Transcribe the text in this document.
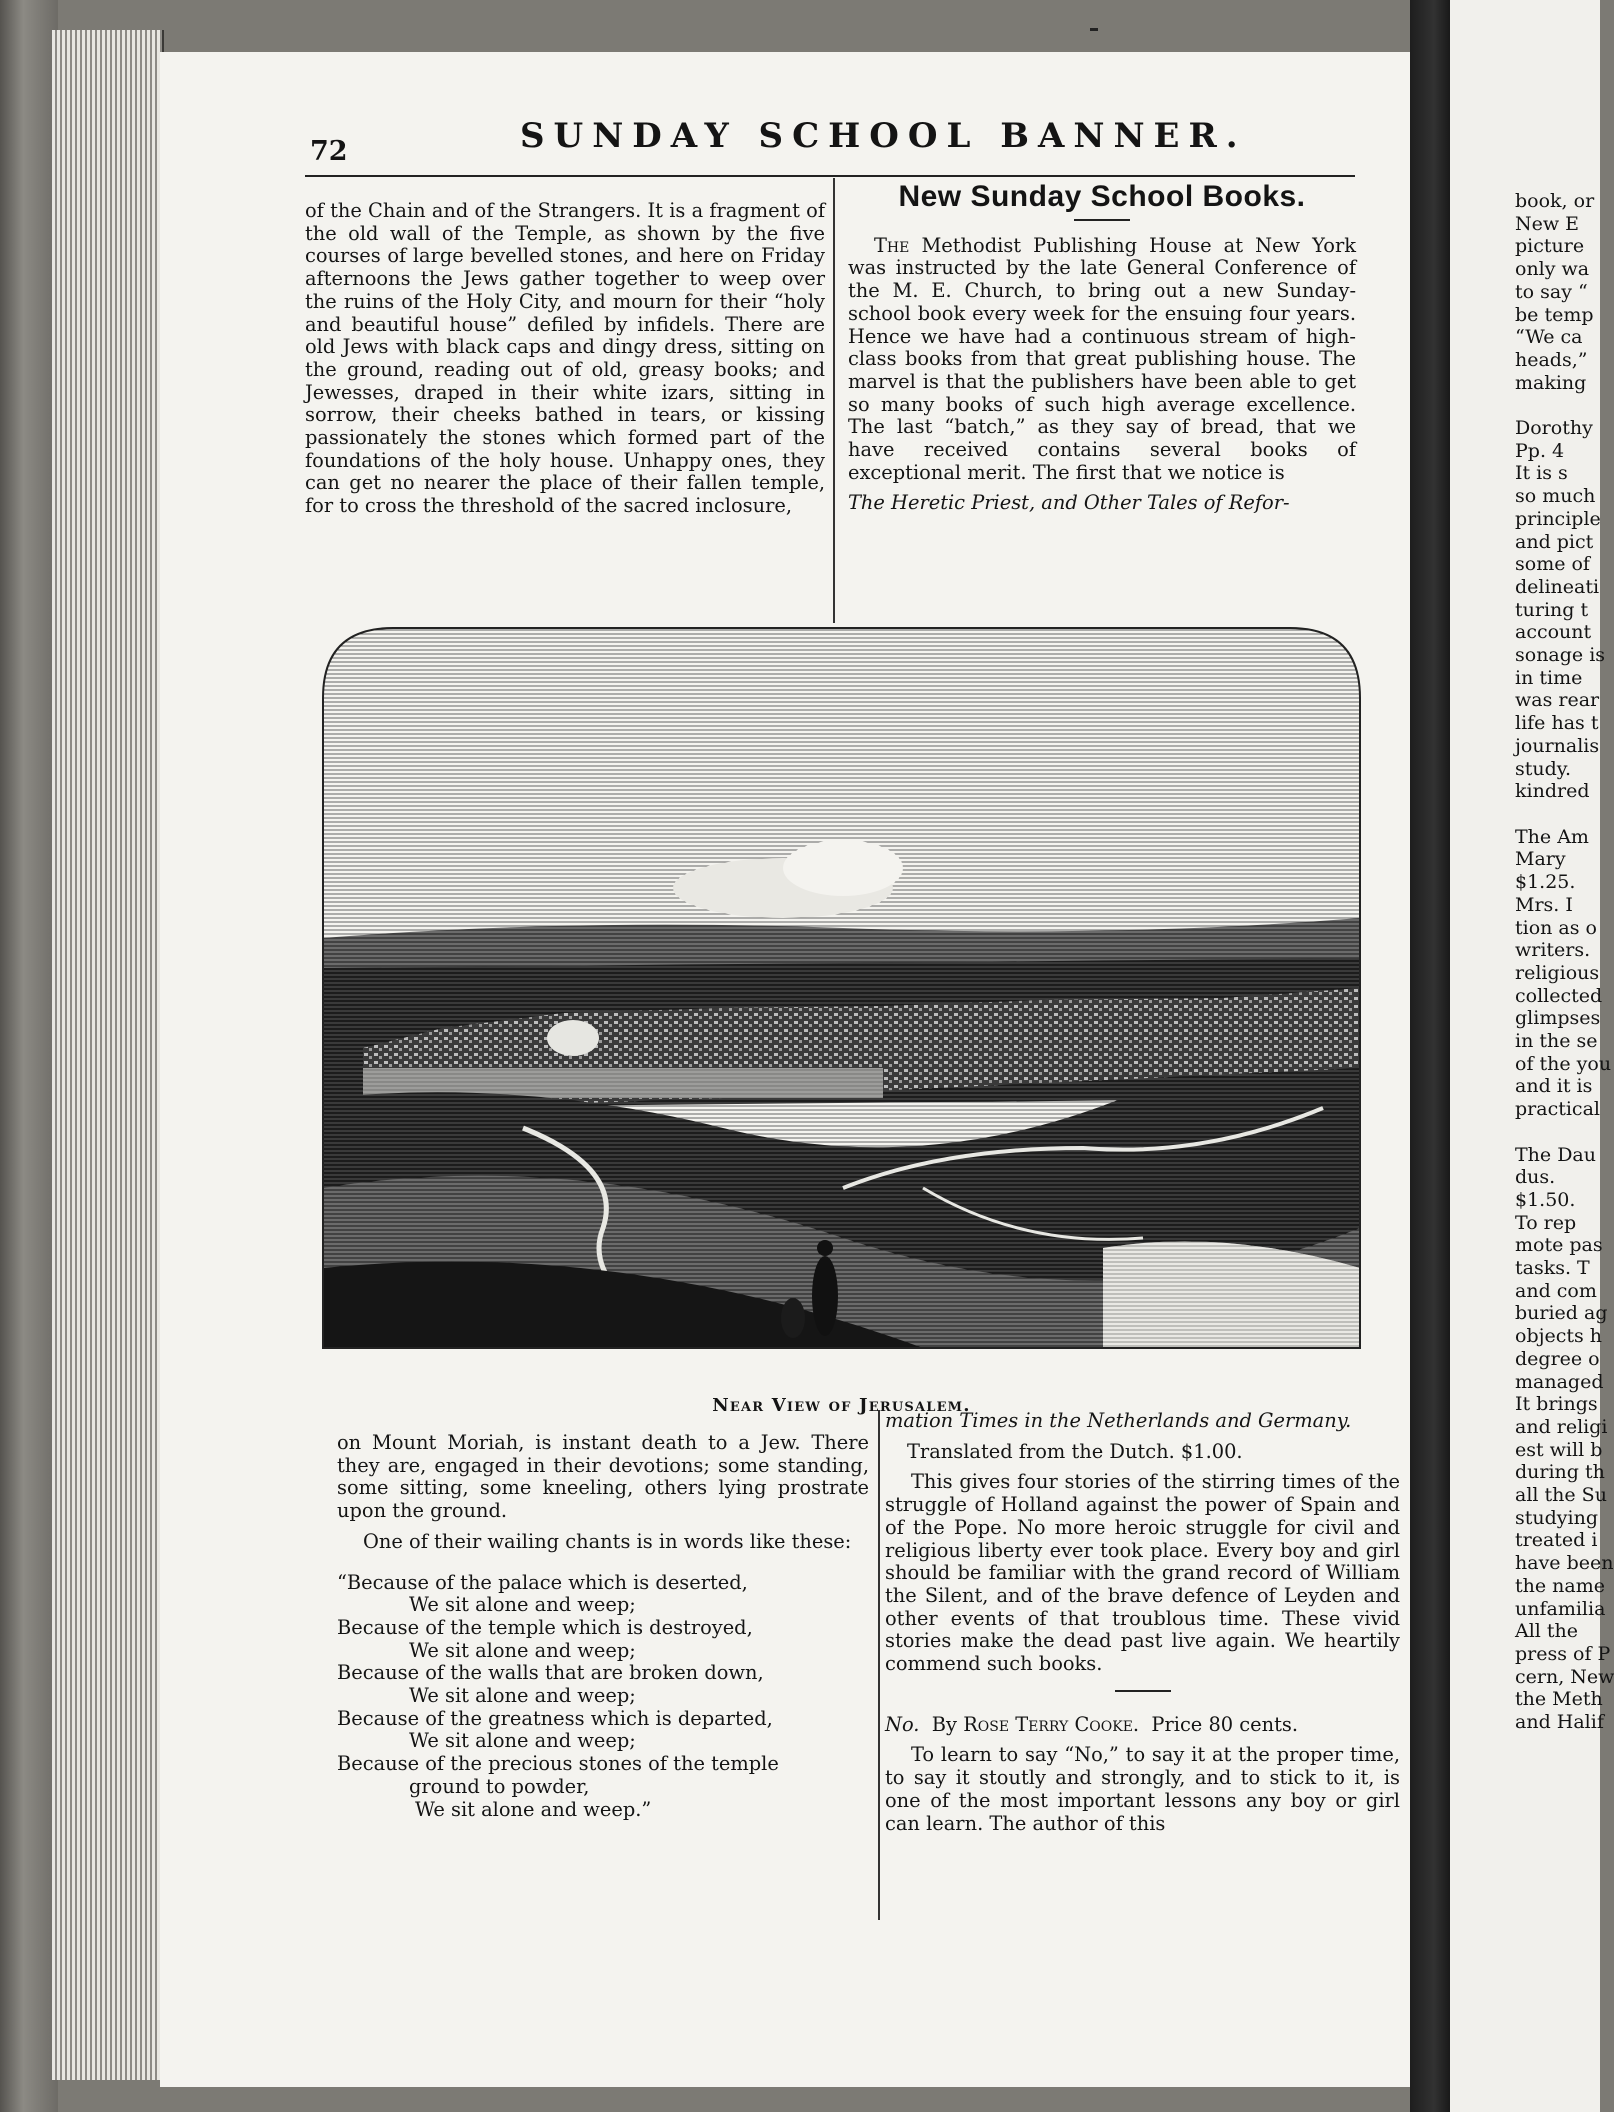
72	SUNDAY SCHOOL BANNER.

of the Chain and of the Strangers. It is a fragment of the old wall of the Temple, as shown by the five courses of large bevelled stones, and here on Friday afternoons the Jews gather together to weep over the ruins of the Holy City, and mourn for their “holy and beautiful house” defiled by infidels. There are old Jews with black caps and dingy dress, sitting on the ground, reading out of old, greasy books; and Jewesses, draped in their white izars, sitting in sorrow, their cheeks bathed in tears, or kissing passionately the stones which formed part of the foundations of the holy house. Unhappy ones, they can get no nearer the place of their fallen temple, for to cross the threshold of the sacred inclosure,

New Sunday School Books.

The Methodist Publishing House at New York was instructed by the late General Conference of the M. E. Church, to bring out a new Sunday-school book every week for the ensuing four years. Hence we have had a continuous stream of high-class books from that great publishing house. The marvel is that the publishers have been able to get so many books of such high average excellence. The last “batch,” as they say of bread, that we have received contains several books of exceptional merit. The first that we notice is

The Heretic Priest, and Other Tales of Refor-

Near View of Jerusalem.

on Mount Moriah, is instant death to a Jew. There they are, engaged in their devotions; some standing, some sitting, some kneeling, others lying prostrate upon the ground.

One of their wailing chants is in words like these:

“Because of the palace which is deserted,
We sit alone and weep;
Because of the temple which is destroyed,
We sit alone and weep;
Because of the walls that are broken down,
We sit alone and weep;
Because of the greatness which is departed,
We sit alone and weep;
Because of the precious stones of the temple
ground to powder,
We sit alone and weep.”

mation Times in the Netherlands and Germany.

Translated from the Dutch. $1.00.

This gives four stories of the stirring times of the struggle of Holland against the power of Spain and of the Pope. No more heroic struggle for civil and religious liberty ever took place. Every boy and girl should be familiar with the grand record of William the Silent, and of the brave defence of Leyden and other events of that troublous time. These vivid stories make the dead past live again. We heartily commend such books.

No. By Rose Terry Cooke. Price 80 cents.

To learn to say “No,” to say it at the proper time, to say it stoutly and strongly, and to stick to it, is one of the most important lessons any boy or girl can learn. The author of this

book, or
New E
picture
only wa
to say “
be temp
“We ca
heads,”
making

Dorothy
Pp. 4
It is s
so much
principle
and pict
some of
delineati
turing t
account
sonage is
in time
was rear
life has t
journalis
study.
kindred

The Am
Mary
$1.25.
Mrs. I
tion as o
writers.
religious
collected
glimpses
in the se
of the you
and it is
practical

The Dau
dus.
$1.50.
To rep
mote pas
tasks. T
and com
buried ag
objects h
degree o
managed
It brings
and religi
est will b
during th
all the Su
studying
treated i
have been
the name
unfamilia
All the
press of P
cern, New
the Meth
and Halif
